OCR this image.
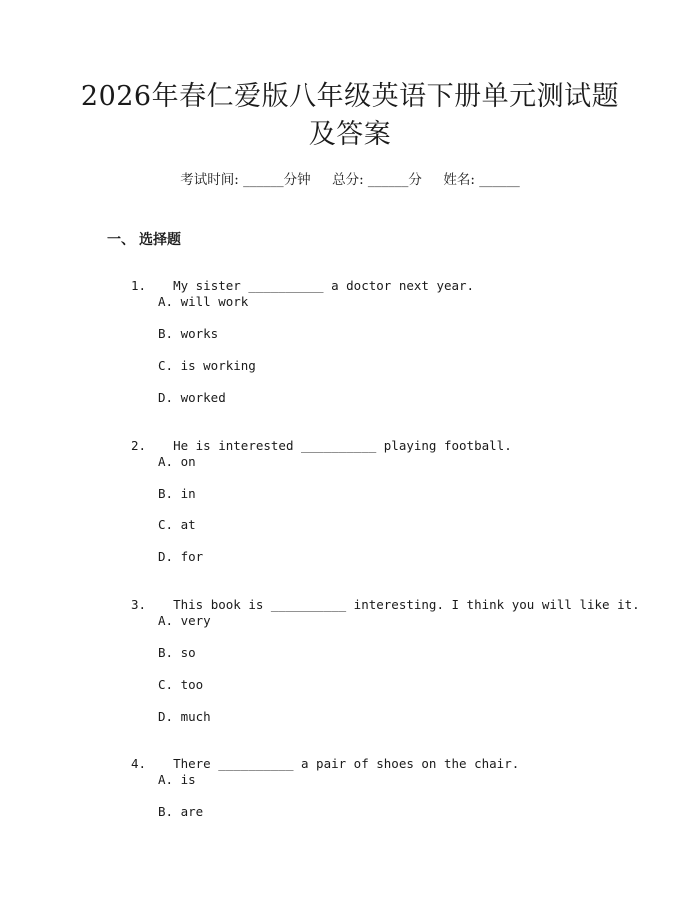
2026年春仁爱版八年级英语下册单元测试题
及答案
考试时间: ______分钟     总分: ______分     姓名: ______
一、 选择题

1. My sister __________ a doctor next year.

A. will work
B. works
C. is working
D. worked

2. He is interested __________ playing football.

A. on
B. in
C. at
D. for

3. This book is __________ interesting. I think you will like it.

A. very
B. so
C. too
D. much

4. There __________ a pair of shoes on the chair.

A. is
B. are
